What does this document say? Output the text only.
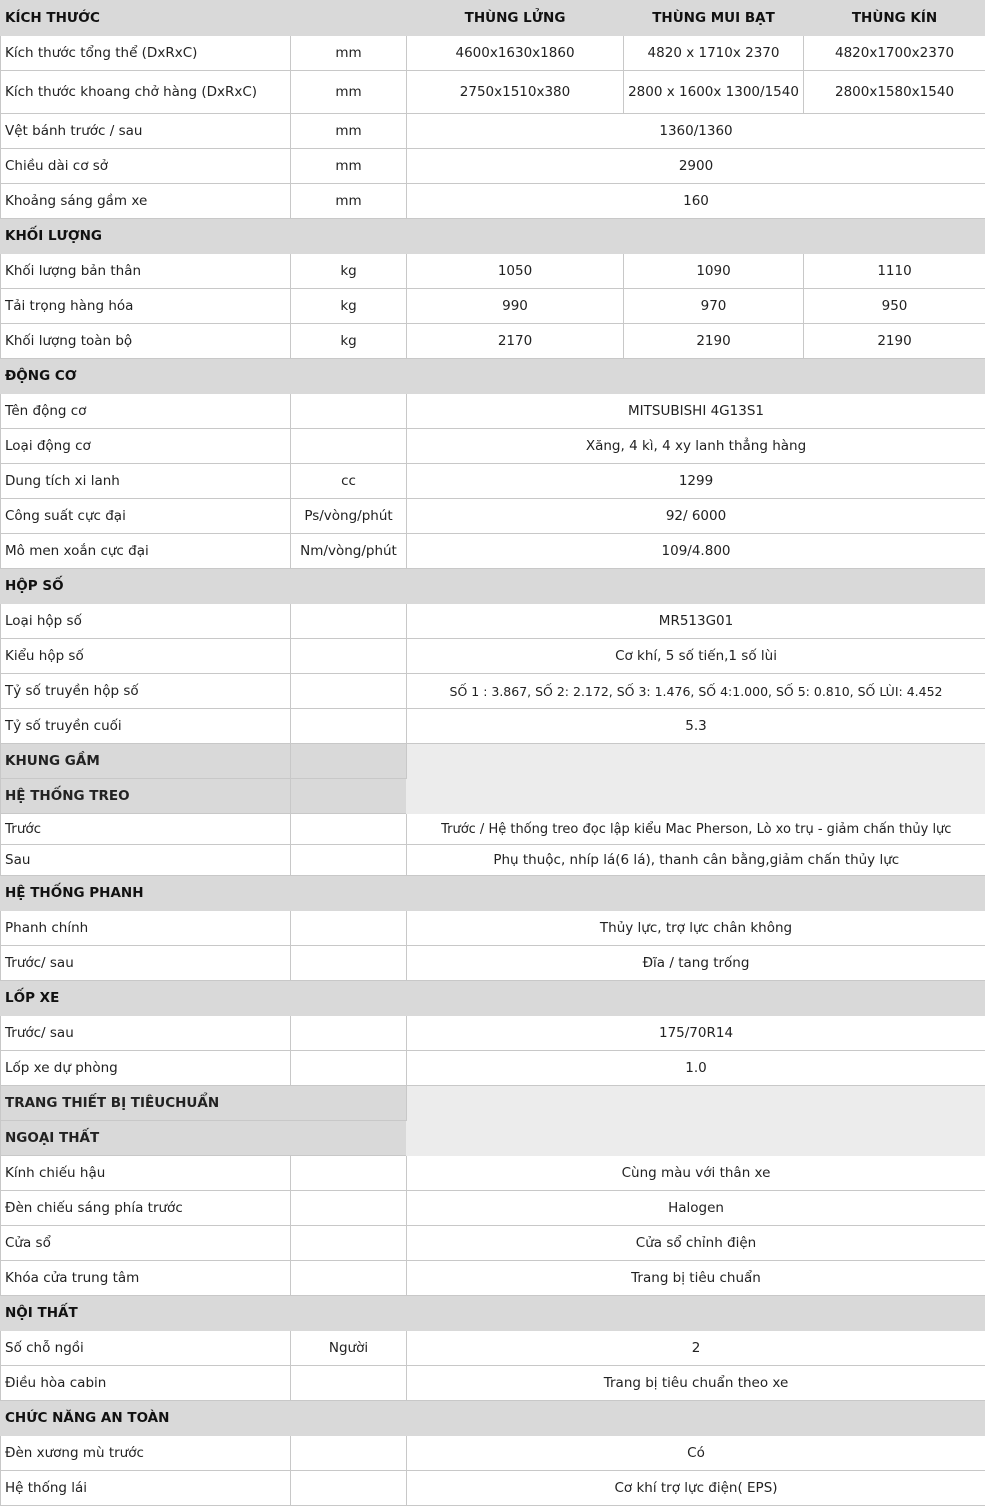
KÍCH THƯỚC		THÙNG LỬNG	THÙNG MUI BẠT	THÙNG KÍN
Kích thước tổng thể (DxRxC)	mm	4600x1630x1860	4820 x 1710x 2370	4820x1700x2370
Kích thước khoang chở hàng (DxRxC)	mm	2750x1510x380	2800 x 1600x 1300/1540	2800x1580x1540
Vệt bánh trước / sau	mm	1360/1360		
Chiều dài cơ sở	mm	2900		
Khoảng sáng gầm xe	mm	160		
KHỐI LƯỢNG				
Khối lượng bản thân	kg	1050	1090	1110
Tải trọng hàng hóa	kg	990	970	950
Khối lượng toàn bộ	kg	2170	2190	2190
ĐỘNG CƠ				
Tên động cơ		MITSUBISHI 4G13S1		
Loại động cơ		Xăng, 4 kì, 4 xy lanh thẳng hàng		
Dung tích xi lanh	cc	1299		
Công suất cực đại	Ps/vòng/phút	92/ 6000		
Mô men xoắn cực đại	Nm/vòng/phút	109/4.800		
HỘP SỐ				
Loại hộp số		MR513G01		
Kiểu hộp số		Cơ khí, 5 số tiến,1 số lùi		
Tỷ số truyền hộp số		SỐ 1 : 3.867, SỐ 2: 2.172, SỐ 3: 1.476, SỐ 4:1.000, SỐ 5: 0.810, SỐ LÙI: 4.452		
Tỷ số truyền cuối		5.3		
KHUNG GẦM				
HỆ THỐNG TREO				
Trước		Trước / Hệ thống treo đọc lập kiểu Mac Pherson, Lò xo trụ - giảm chấn thủy lực		
Sau		Phụ thuộc, nhíp lá(6 lá), thanh cân bằng,giảm chấn thủy lực		
HỆ THỐNG PHANH				
Phanh chính		Thủy lực, trợ lực chân không		
Trước/ sau		Đĩa / tang trống		
LỐP XE				
Trước/ sau		175/70R14		
Lốp xe dự phòng		1.0		
TRANG THIẾT BỊ TIÊUCHUẨN				
NGOẠI THẤT				
Kính chiếu hậu		Cùng màu với thân xe		
Đèn chiếu sáng phía trước		Halogen		
Cửa sổ		Cửa sổ chỉnh điện		
Khóa cửa trung tâm		Trang bị tiêu chuẩn		
NỘI THẤT				
Số chỗ ngồi	Người	2		
Điều hòa cabin		Trang bị tiêu chuẩn theo xe		
CHỨC NĂNG AN TOÀN				
Đèn xương mù trước		Có		
Hệ thống lái		Cơ khí trợ lực điện( EPS)		
